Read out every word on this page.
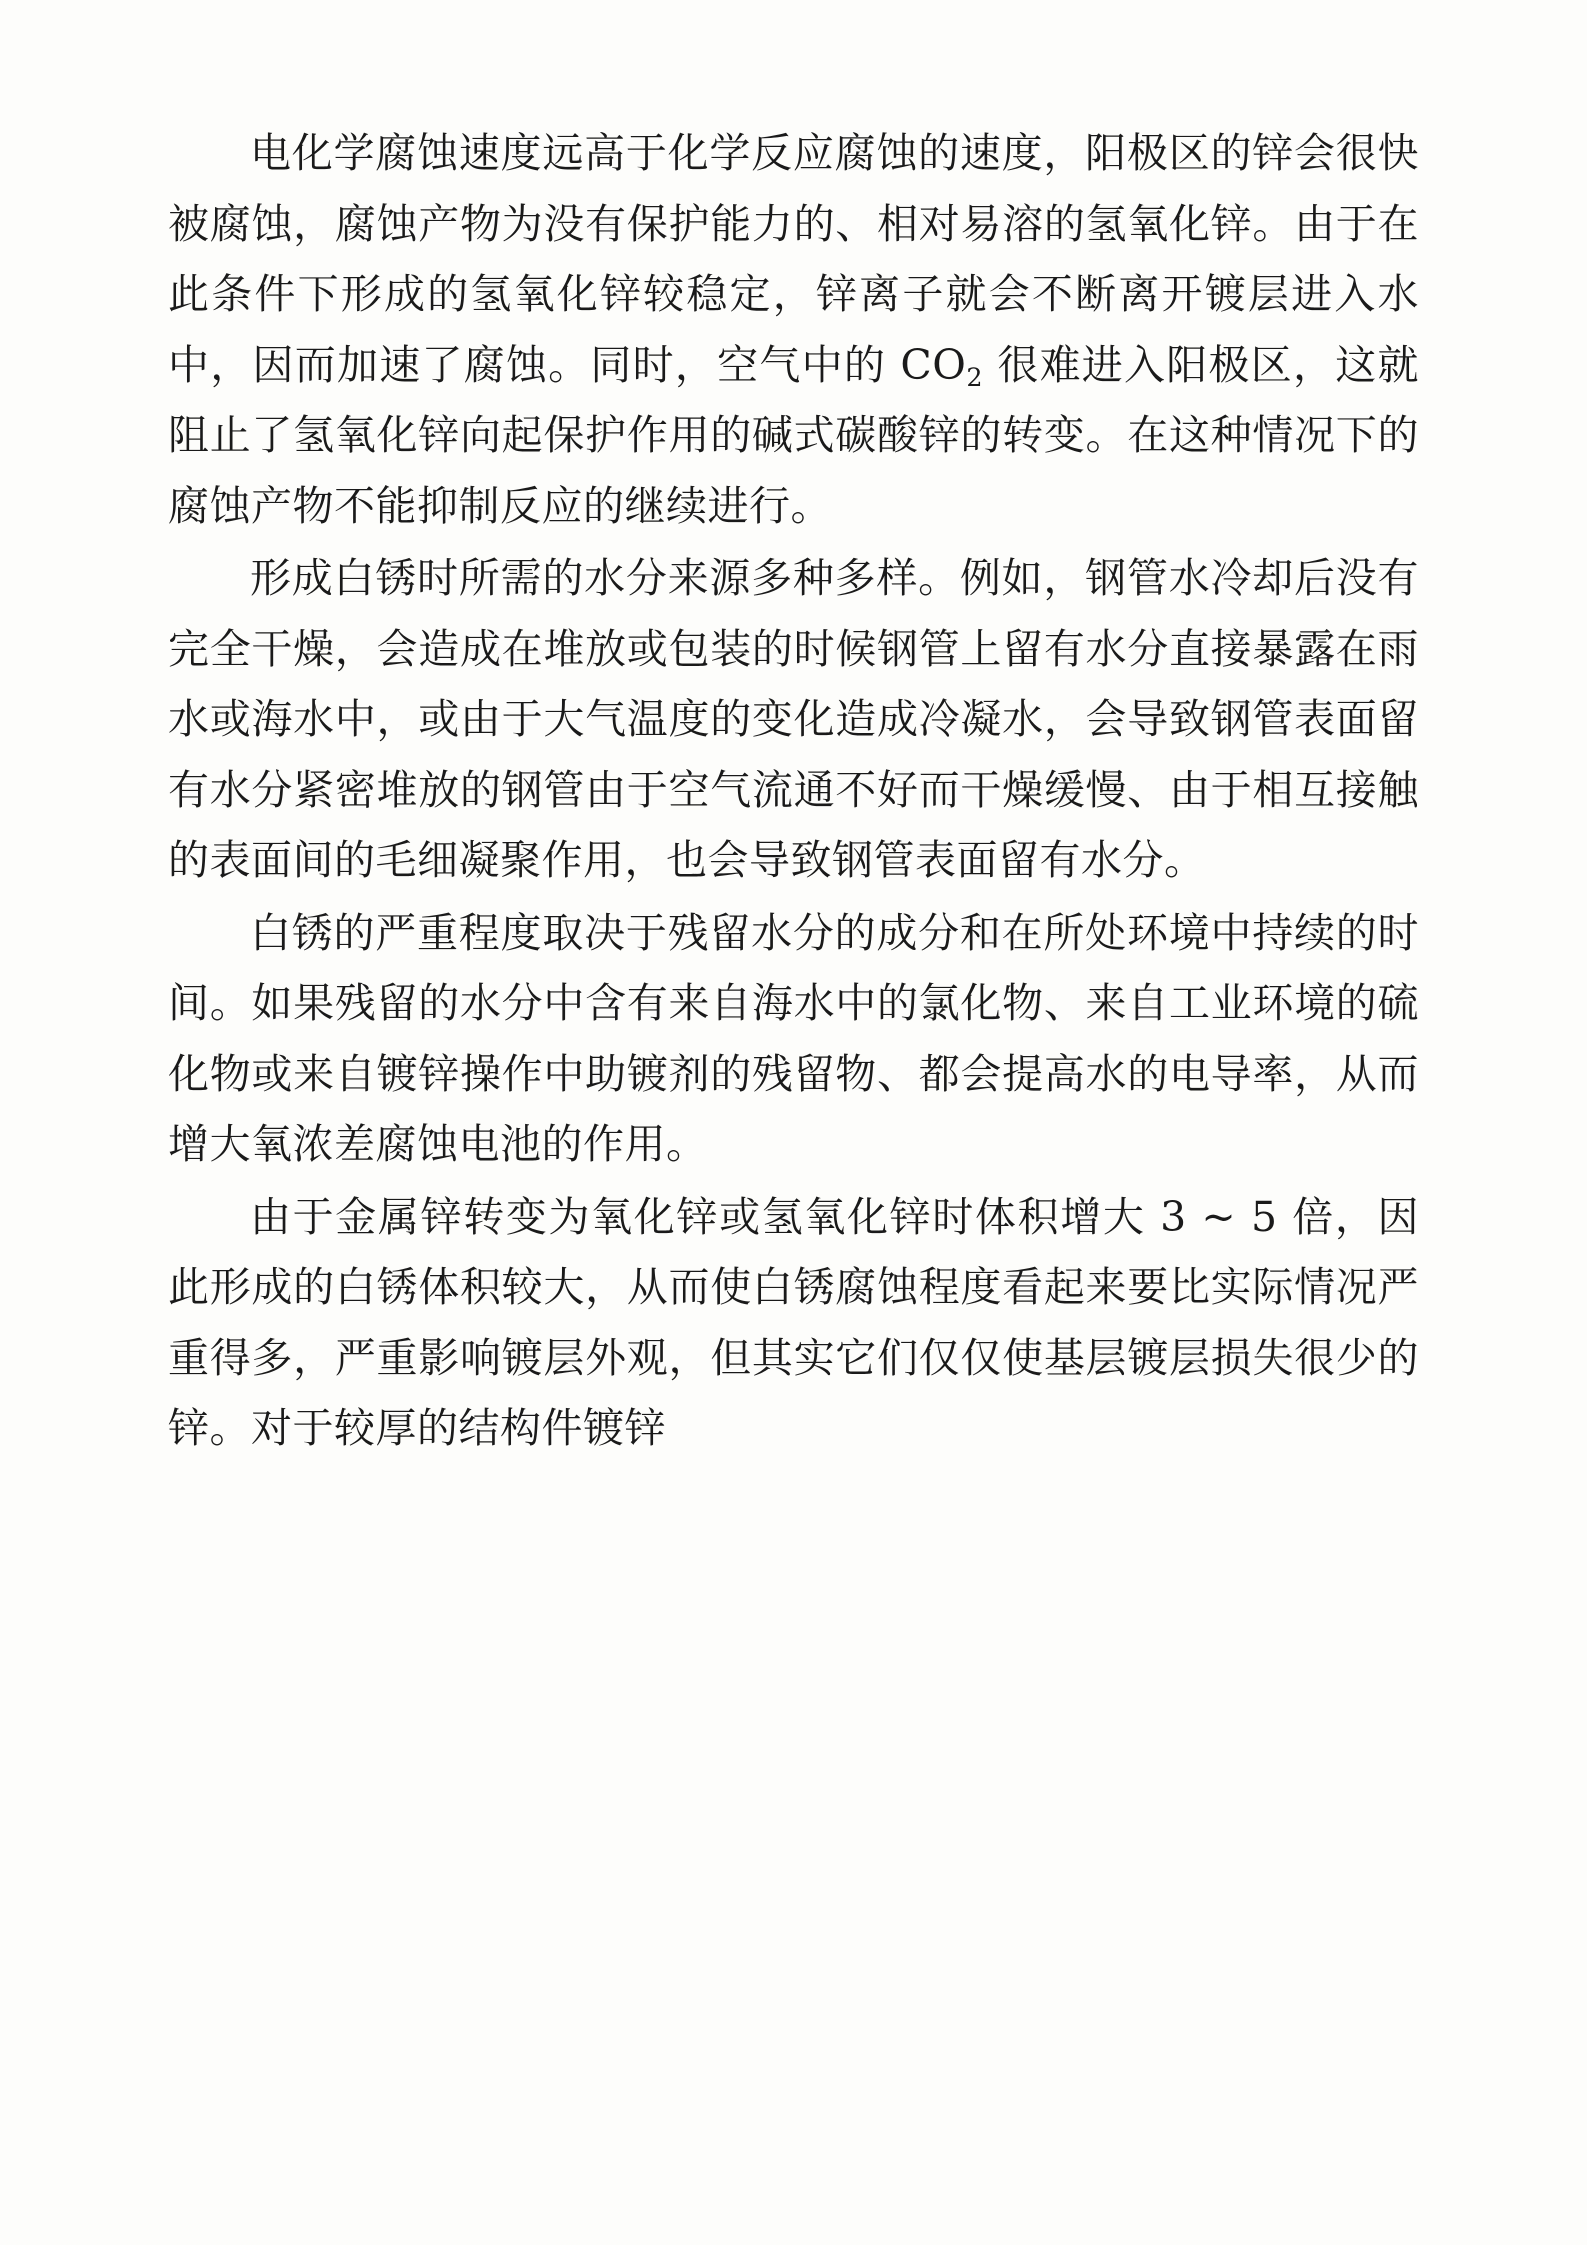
电化学腐蚀速度远高于化学反应腐蚀的速度，阳极区的锌会很快被腐蚀，腐蚀产物为没有保护能力的、相对易溶的氢氧化锌。由于在此条件下形成的氢氧化锌较稳定，锌离子就会不断离开镀层进入水中，因而加速了腐蚀。同时，空气中的 $CO_2$ 很难进入阳极区，这就阻止了氢氧化锌向起保护作用的碱式碳酸锌的转变。在这种情况下的腐蚀产物不能抑制反应的继续进行。

形成白锈时所需的水分来源多种多样。例如，钢管水冷却后没有完全干燥，会造成在堆放或包装的时候钢管上留有水分直接暴露在雨水或海水中，或由于大气温度的变化造成冷凝水，会导致钢管表面留有水分紧密堆放的钢管由于空气流通不好而干燥缓慢、由于相互接触的表面间的毛细凝聚作用，也会导致钢管表面留有水分。

白锈的严重程度取决于残留水分的成分和在所处环境中持续的时间。如果残留的水分中含有来自海水中的氯化物、来自工业环境的硫化物或来自镀锌操作中助镀剂的残留物、都会提高水的电导率，从而增大氧浓差腐蚀电池的作用。

由于金属锌转变为氧化锌或氢氧化锌时体积增大 3 ~ 5 倍，因此形成的白锈体积较大，从而使白锈腐蚀程度看起来要比实际情况严重得多，严重影响镀层外观，但其实它们仅仅使基层镀层损失很少的锌。对于较厚的结构件镀锌
